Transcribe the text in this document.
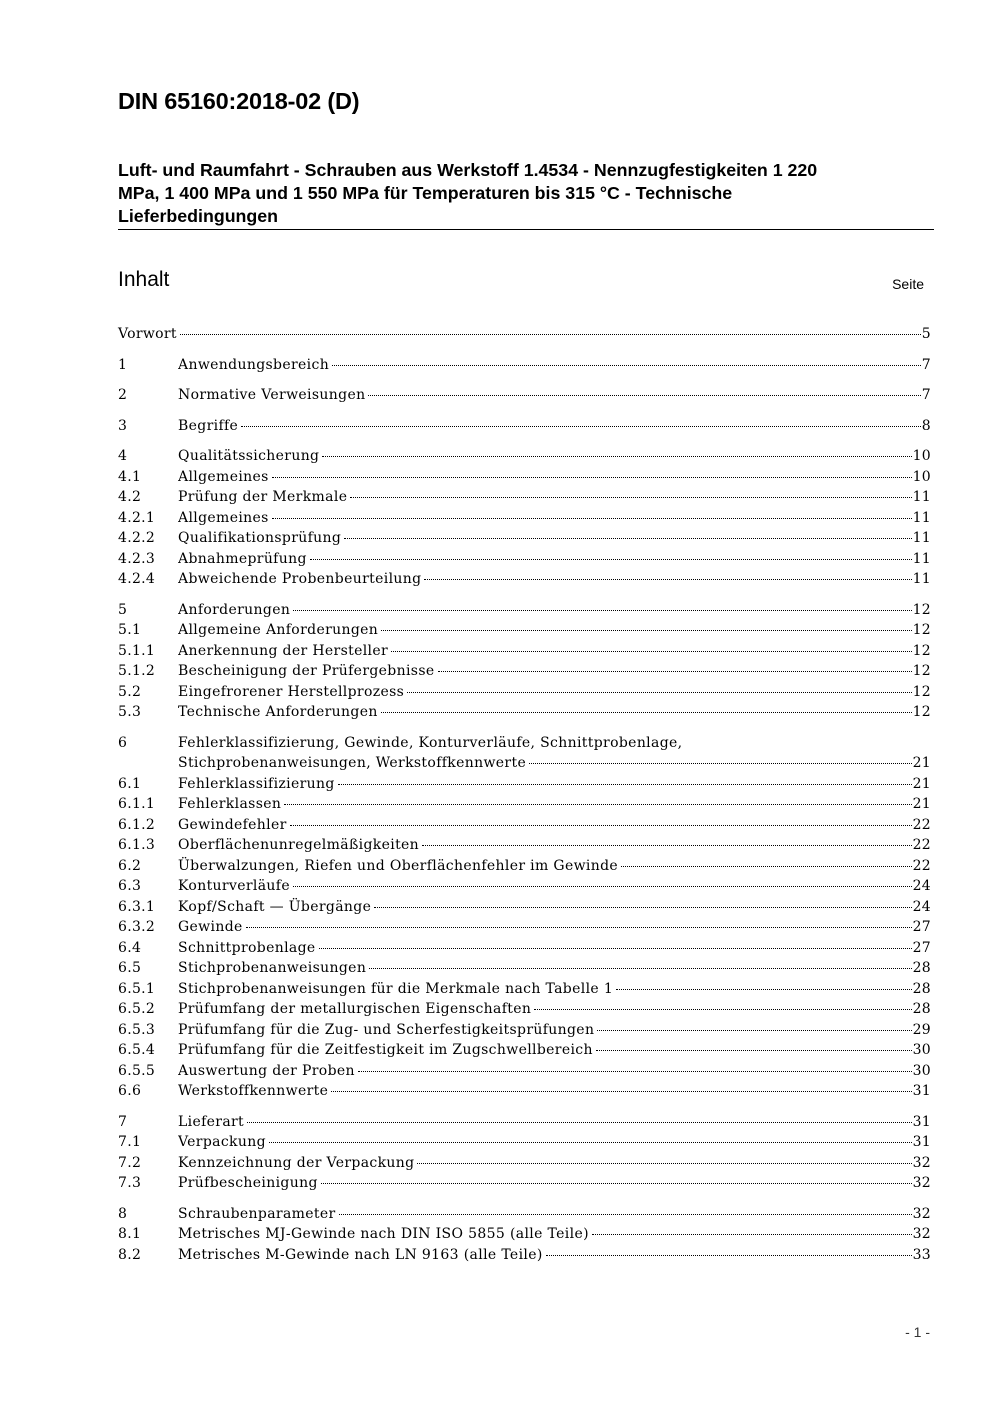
DIN 65160:2018-02 (D)
Luft- und Raumfahrt - Schrauben aus Werkstoff 1.4534 - Nennzugfestigkeiten 1 220
MPa, 1 400 MPa und 1 550 MPa für Temperaturen bis 315 °C - Technische
Lieferbedingungen
Inhalt	Seite
Vorwort	5
1	Anwendungsbereich	7
2	Normative Verweisungen	7
3	Begriffe	8
4	Qualitätssicherung	10
4.1	Allgemeines	10
4.2	Prüfung der Merkmale	11
4.2.1	Allgemeines	11
4.2.2	Qualifikationsprüfung	11
4.2.3	Abnahmeprüfung	11
4.2.4	Abweichende Probenbeurteilung	11
5	Anforderungen	12
5.1	Allgemeine Anforderungen	12
5.1.1	Anerkennung der Hersteller	12
5.1.2	Bescheinigung der Prüfergebnisse	12
5.2	Eingefrorener Herstellprozess	12
5.3	Technische Anforderungen	12
6	Fehlerklassifizierung, Gewinde, Konturverläufe, Schnittprobenlage,
Stichprobenanweisungen, Werkstoffkennwerte	21
6.1	Fehlerklassifizierung	21
6.1.1	Fehlerklassen	21
6.1.2	Gewindefehler	22
6.1.3	Oberflächenunregelmäßigkeiten	22
6.2	Überwalzungen, Riefen und Oberflächenfehler im Gewinde	22
6.3	Konturverläufe	24
6.3.1	Kopf/Schaft — Übergänge	24
6.3.2	Gewinde	27
6.4	Schnittprobenlage	27
6.5	Stichprobenanweisungen	28
6.5.1	Stichprobenanweisungen für die Merkmale nach Tabelle 1	28
6.5.2	Prüfumfang der metallurgischen Eigenschaften	28
6.5.3	Prüfumfang für die Zug- und Scherfestigkeitsprüfungen	29
6.5.4	Prüfumfang für die Zeitfestigkeit im Zugschwellbereich	30
6.5.5	Auswertung der Proben	30
6.6	Werkstoffkennwerte	31
7	Lieferart	31
7.1	Verpackung	31
7.2	Kennzeichnung der Verpackung	32
7.3	Prüfbescheinigung	32
8	Schraubenparameter	32
8.1	Metrisches MJ-Gewinde nach DIN ISO 5855 (alle Teile)	32
8.2	Metrisches M-Gewinde nach LN 9163 (alle Teile)	33
- 1 -
